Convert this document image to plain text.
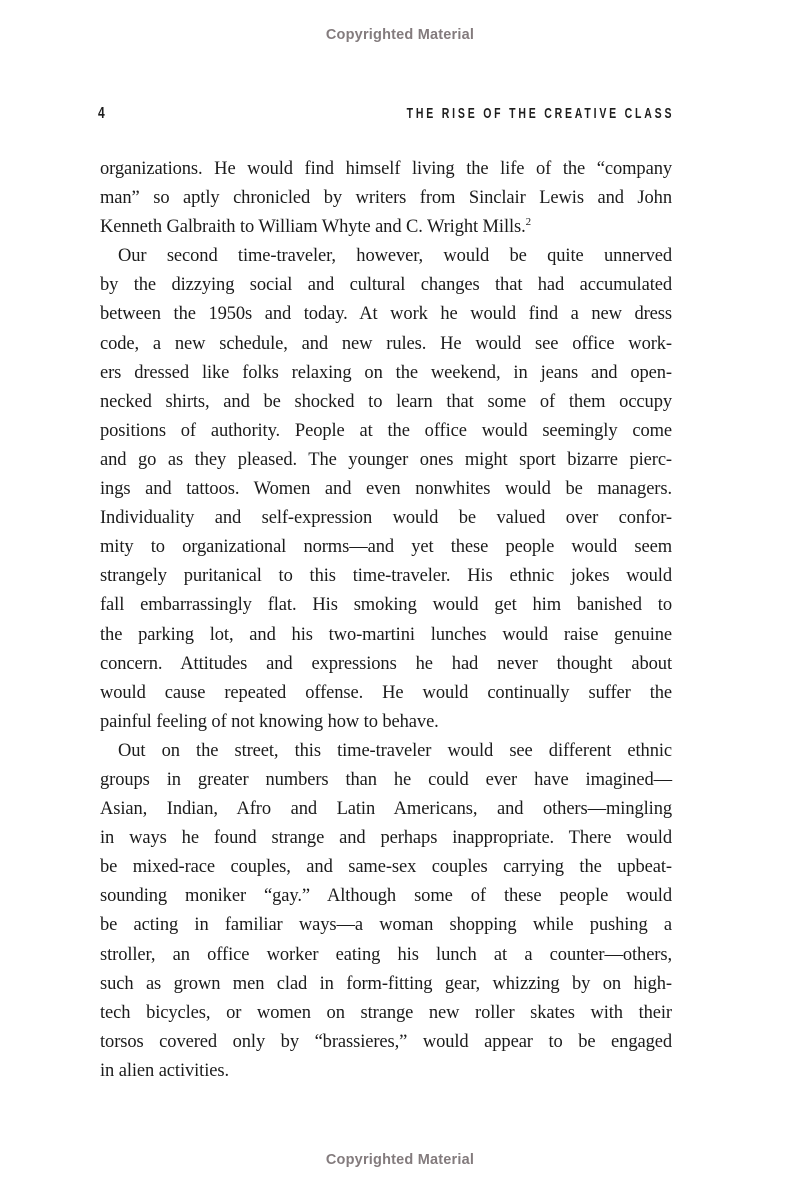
Copyrighted Material
4	THE RISE OF THE CREATIVE CLASS
organizations. He would find himself living the life of the “company
man” so aptly chronicled by writers from Sinclair Lewis and John
Kenneth Galbraith to William Whyte and C. Wright Mills.$^2$
Our second time-traveler, however, would be quite unnerved
by the dizzying social and cultural changes that had accumulated
between the 1950s and today. At work he would find a new dress
code, a new schedule, and new rules. He would see office work-
ers dressed like folks relaxing on the weekend, in jeans and open-
necked shirts, and be shocked to learn that some of them occupy
positions of authority. People at the office would seemingly come
and go as they pleased. The younger ones might sport bizarre pierc-
ings and tattoos. Women and even nonwhites would be managers.
Individuality and self-expression would be valued over confor-
mity to organizational norms—and yet these people would seem
strangely puritanical to this time-traveler. His ethnic jokes would
fall embarrassingly flat. His smoking would get him banished to
the parking lot, and his two-martini lunches would raise genuine
concern. Attitudes and expressions he had never thought about
would cause repeated offense. He would continually suffer the
painful feeling of not knowing how to behave.
Out on the street, this time-traveler would see different ethnic
groups in greater numbers than he could ever have imagined—
Asian, Indian, Afro and Latin Americans, and others—mingling
in ways he found strange and perhaps inappropriate. There would
be mixed-race couples, and same-sex couples carrying the upbeat-
sounding moniker “gay.” Although some of these people would
be acting in familiar ways—a woman shopping while pushing a
stroller, an office worker eating his lunch at a counter—others,
such as grown men clad in form-fitting gear, whizzing by on high-
tech bicycles, or women on strange new roller skates with their
torsos covered only by “brassieres,” would appear to be engaged
in alien activities.
Copyrighted Material
